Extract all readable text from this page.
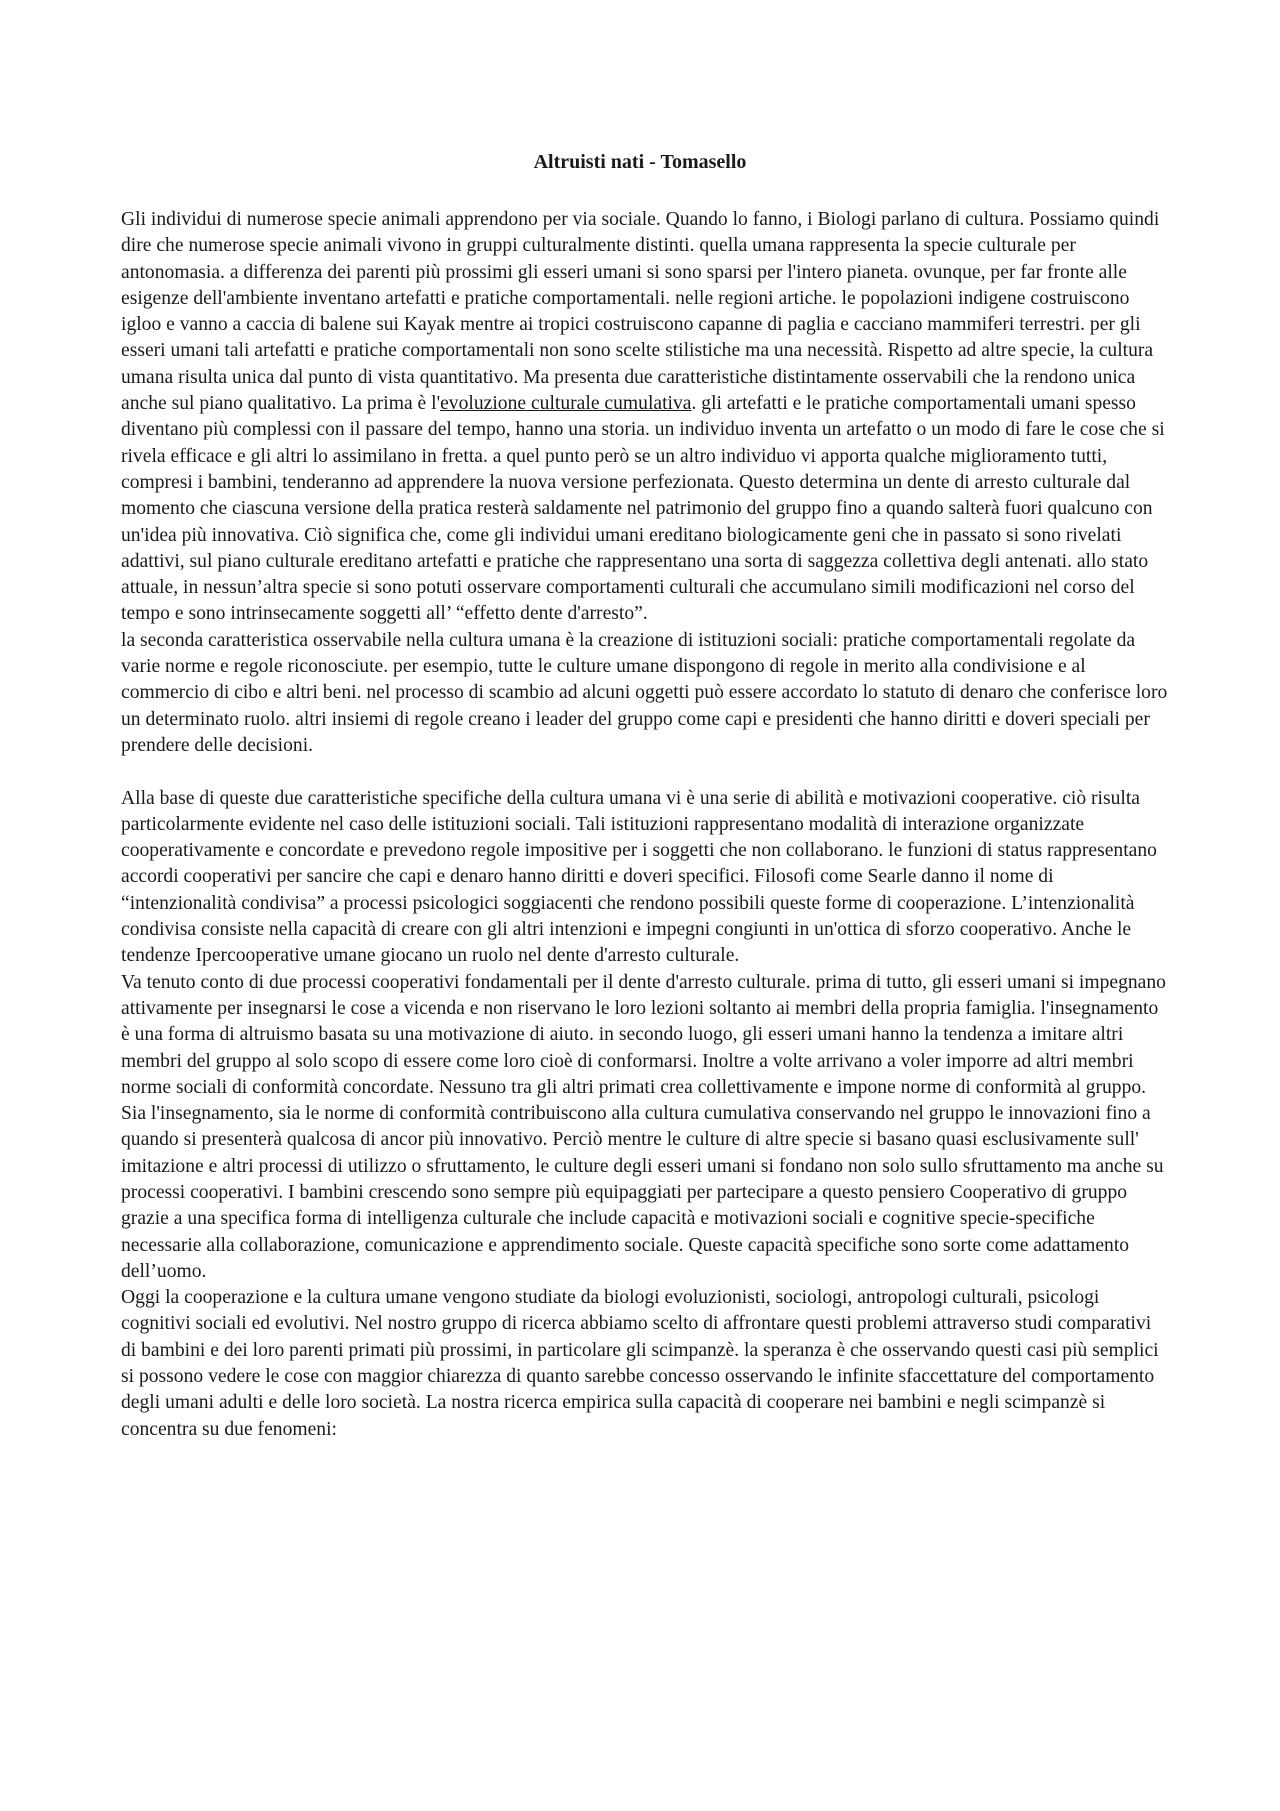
Altruisti nati - Tomasello

Gli individui di numerose specie animali apprendono per via sociale. Quando lo fanno, i Biologi parlano di cultura. Possiamo quindi dire che numerose specie animali vivono in gruppi culturalmente distinti. quella umana rappresenta la specie culturale per antonomasia. a differenza dei parenti più prossimi gli esseri umani si sono sparsi per l'intero pianeta. ovunque, per far fronte alle esigenze dell'ambiente inventano artefatti e pratiche comportamentali. nelle regioni artiche. le popolazioni indigene costruiscono igloo e vanno a caccia di balene sui Kayak mentre ai tropici costruiscono capanne di paglia e cacciano mammiferi terrestri. per gli esseri umani tali artefatti e pratiche comportamentali non sono scelte stilistiche ma una necessità. Rispetto ad altre specie, la cultura umana risulta unica dal punto di vista quantitativo. Ma presenta due caratteristiche distintamente osservabili che la rendono unica anche sul piano qualitativo. La prima è l'evoluzione culturale cumulativa. gli artefatti e le pratiche comportamentali umani spesso diventano più complessi con il passare del tempo, hanno una storia. un individuo inventa un artefatto o un modo di fare le cose che si rivela efficace e gli altri lo assimilano in fretta. a quel punto però se un altro individuo vi apporta qualche miglioramento tutti, compresi i bambini, tenderanno ad apprendere la nuova versione perfezionata. Questo determina un dente di arresto culturale dal momento che ciascuna versione della pratica resterà saldamente nel patrimonio del gruppo fino a quando salterà fuori qualcuno con un'idea più innovativa. Ciò significa che, come gli individui umani ereditano biologicamente geni che in passato si sono rivelati adattivi, sul piano culturale ereditano artefatti e pratiche che rappresentano una sorta di saggezza collettiva degli antenati. allo stato attuale, in nessun’altra specie si sono potuti osservare comportamenti culturali che accumulano simili modificazioni nel corso del tempo e sono intrinsecamente soggetti all’ “effetto dente d'arresto”.

la seconda caratteristica osservabile nella cultura umana è la creazione di istituzioni sociali: pratiche comportamentali regolate da varie norme e regole riconosciute. per esempio, tutte le culture umane dispongono di regole in merito alla condivisione e al commercio di cibo e altri beni. nel processo di scambio ad alcuni oggetti può essere accordato lo statuto di denaro che conferisce loro un determinato ruolo. altri insiemi di regole creano i leader del gruppo come capi e presidenti che hanno diritti e doveri speciali per prendere delle decisioni.

Alla base di queste due caratteristiche specifiche della cultura umana vi è una serie di abilità e motivazioni cooperative. ciò risulta particolarmente evidente nel caso delle istituzioni sociali. Tali istituzioni rappresentano modalità di interazione organizzate cooperativamente e concordate e prevedono regole impositive per i soggetti che non collaborano. le funzioni di status rappresentano accordi cooperativi per sancire che capi e denaro hanno diritti e doveri specifici. Filosofi come Searle danno il nome di “intenzionalità condivisa” a processi psicologici soggiacenti che rendono possibili queste forme di cooperazione. L’intenzionalità condivisa consiste nella capacità di creare con gli altri intenzioni e impegni congiunti in un'ottica di sforzo cooperativo. Anche le tendenze Ipercooperative umane giocano un ruolo nel dente d'arresto culturale.

Va tenuto conto di due processi cooperativi fondamentali per il dente d'arresto culturale. prima di tutto, gli esseri umani si impegnano attivamente per insegnarsi le cose a vicenda e non riservano le loro lezioni soltanto ai membri della propria famiglia. l'insegnamento è una forma di altruismo basata su una motivazione di aiuto. in secondo luogo, gli esseri umani hanno la tendenza a imitare altri membri del gruppo al solo scopo di essere come loro cioè di conformarsi. Inoltre a volte arrivano a voler imporre ad altri membri norme sociali di conformità concordate. Nessuno tra gli altri primati crea collettivamente e impone norme di conformità al gruppo. Sia l'insegnamento, sia le norme di conformità contribuiscono alla cultura cumulativa conservando nel gruppo le innovazioni fino a quando si presenterà qualcosa di ancor più innovativo. Perciò mentre le culture di altre specie si basano quasi esclusivamente sull' imitazione e altri processi di utilizzo o sfruttamento, le culture degli esseri umani si fondano non solo sullo sfruttamento ma anche su processi cooperativi. I bambini crescendo sono sempre più equipaggiati per partecipare a questo pensiero Cooperativo di gruppo grazie a una specifica forma di intelligenza culturale che include capacità e motivazioni sociali e cognitive specie-specifiche necessarie alla collaborazione, comunicazione e apprendimento sociale. Queste capacità specifiche sono sorte come adattamento dell’uomo.

Oggi la cooperazione e la cultura umane vengono studiate da biologi evoluzionisti, sociologi, antropologi culturali, psicologi cognitivi sociali ed evolutivi. Nel nostro gruppo di ricerca abbiamo scelto di affrontare questi problemi attraverso studi comparativi di bambini e dei loro parenti primati più prossimi, in particolare gli scimpanzè. la speranza è che osservando questi casi più semplici si possono vedere le cose con maggior chiarezza di quanto sarebbe concesso osservando le infinite sfaccettature del comportamento degli umani adulti e delle loro società. La nostra ricerca empirica sulla capacità di cooperare nei bambini e negli scimpanzè si concentra su due fenomeni:
